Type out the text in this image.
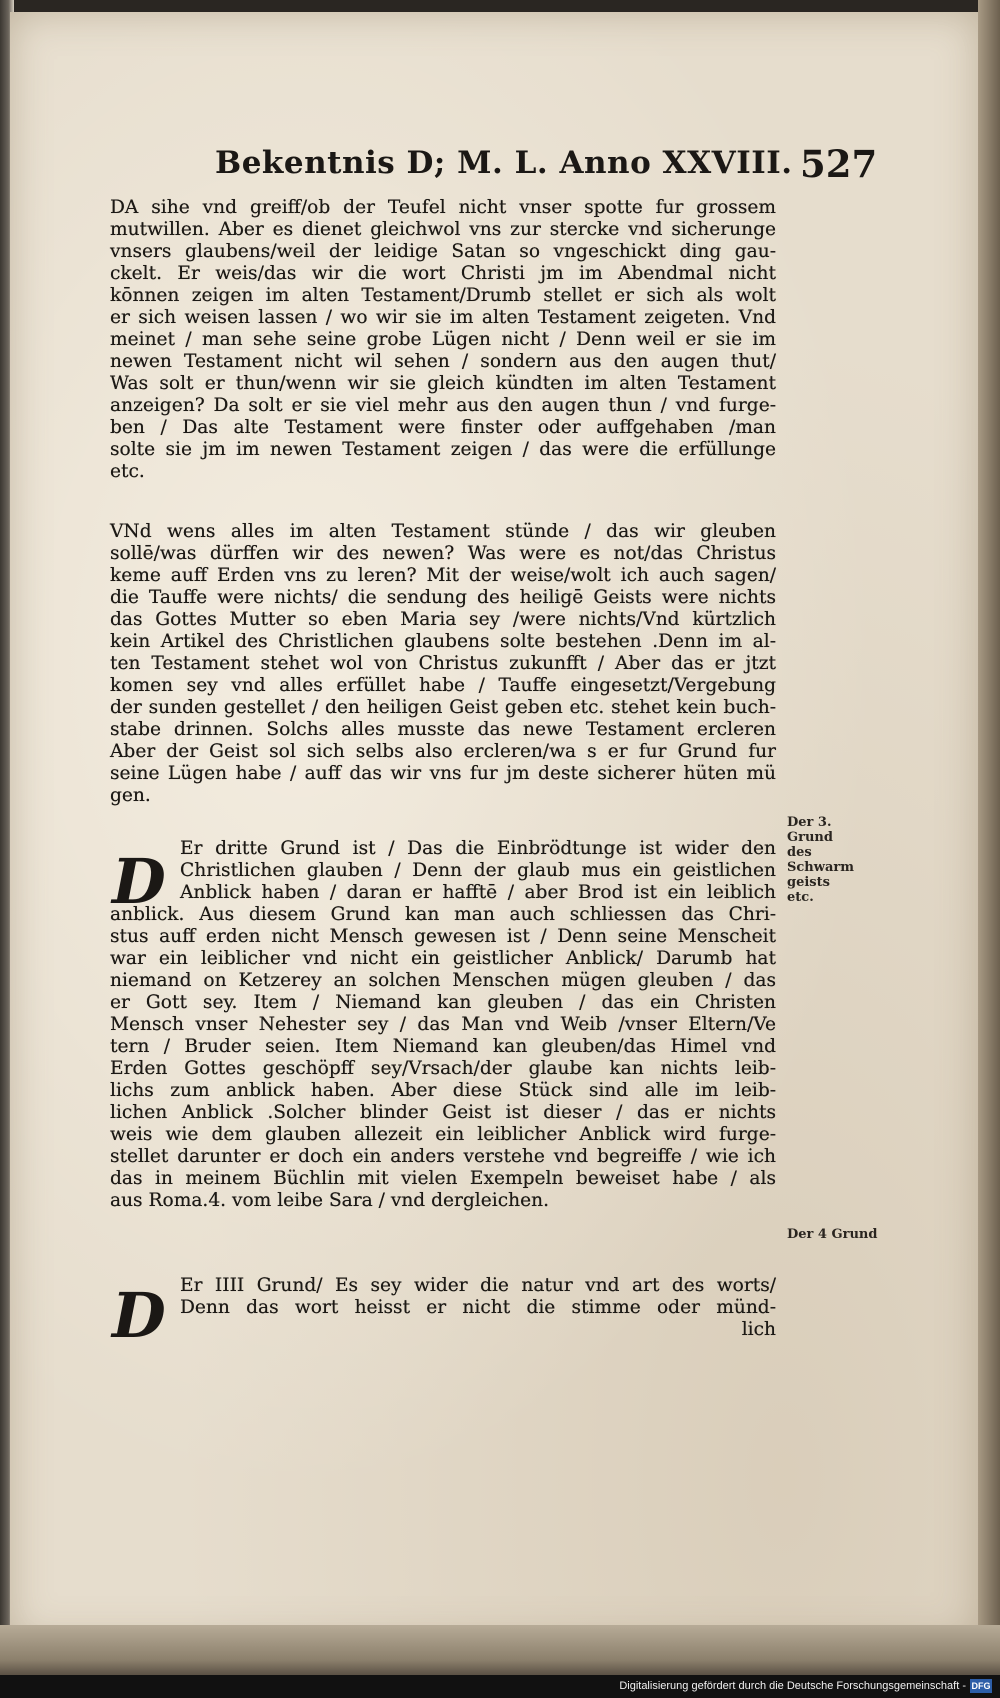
Bekentnis D; M. L. Anno XXVIII. 527
DA sihe vnd greiff/ob der Teufel nicht vnser spotte fur grossem
mutwillen. Aber es dienet gleichwol vns zur stercke vnd sicherunge
vnsers glaubens/weil der leidige Satan so vngeschickt ding gau-
ckelt. Er weis/das wir die wort Christi jm im Abendmal nicht
kōnnen zeigen im alten Testament/Drumb stellet er sich als wolt
er sich weisen lassen / wo wir sie im alten Testament zeigeten. Vnd
meinet / man sehe seine grobe Lügen nicht / Denn weil er sie im
newen Testament nicht wil sehen / sondern aus den augen thut/
Was solt er thun/wenn wir sie gleich kündten im alten Testament
anzeigen? Da solt er sie viel mehr aus den augen thun / vnd furge-
ben / Das alte Testament were finster oder auffgehaben /man
solte sie jm im newen Testament zeigen / das were die erfüllunge
etc.
VNd wens alles im alten Testament stünde / das wir gleuben
sollē/was dürffen wir des newen? Was were es not/das Christus
keme auff Erden vns zu leren? Mit der weise/wolt ich auch sagen/
die Tauffe were nichts/ die sendung des heiligē Geists were nichts
das Gottes Mutter so eben Maria sey /were nichts/Vnd kürtzlich
kein Artikel des Christlichen glaubens solte bestehen .Denn im al-
ten Testament stehet wol von Christus zukunfft / Aber das er jtzt
komen sey vnd alles erfüllet habe / Tauffe eingesetzt/Vergebung
der sunden gestellet / den heiligen Geist geben etc. stehet kein buch-
stabe drinnen. Solchs alles musste das newe Testament ercleren
Aber der Geist sol sich selbs also ercleren/wa s er fur Grund fur
seine Lügen habe / auff das wir vns fur jm deste sicherer hüten mü
gen.
D Er dritte Grund ist / Das die Einbrödtunge ist wider den
Christlichen glauben / Denn der glaub mus ein geistlichen
Anblick haben / daran er hafftē / aber Brod ist ein leiblich
anblick. Aus diesem Grund kan man auch schliessen das Chri-
stus auff erden nicht Mensch gewesen ist / Denn seine Menscheit
war ein leiblicher vnd nicht ein geistlicher Anblick/ Darumb hat
niemand on Ketzerey an solchen Menschen mügen gleuben / das
er Gott sey. Item / Niemand kan gleuben / das ein Christen
Mensch vnser Nehester sey / das Man vnd Weib /vnser Eltern/Ve
tern / Bruder seien. Item Niemand kan gleuben/das Himel vnd
Erden Gottes geschöpff sey/Vrsach/der glaube kan nichts leib-
lichs zum anblick haben. Aber diese Stück sind alle im leib-
lichen Anblick .Solcher blinder Geist ist dieser / das er nichts
weis wie dem glauben allezeit ein leiblicher Anblick wird furge-
stellet darunter er doch ein anders verstehe vnd begreiffe / wie ich
das in meinem Büchlin mit vielen Exempeln beweiset habe / als
aus Roma.4. vom leibe Sara / vnd dergleichen.
D Er IIII Grund/ Es sey wider die natur vnd art des worts/
Denn das wort heisst er nicht die stimme oder münd-
lich
Der 3. Grund des Schwarm geists etc.
Der 4 Grund
Digitalisierung gefördert durch die Deutsche Forschungsgemeinschaft - DFG
